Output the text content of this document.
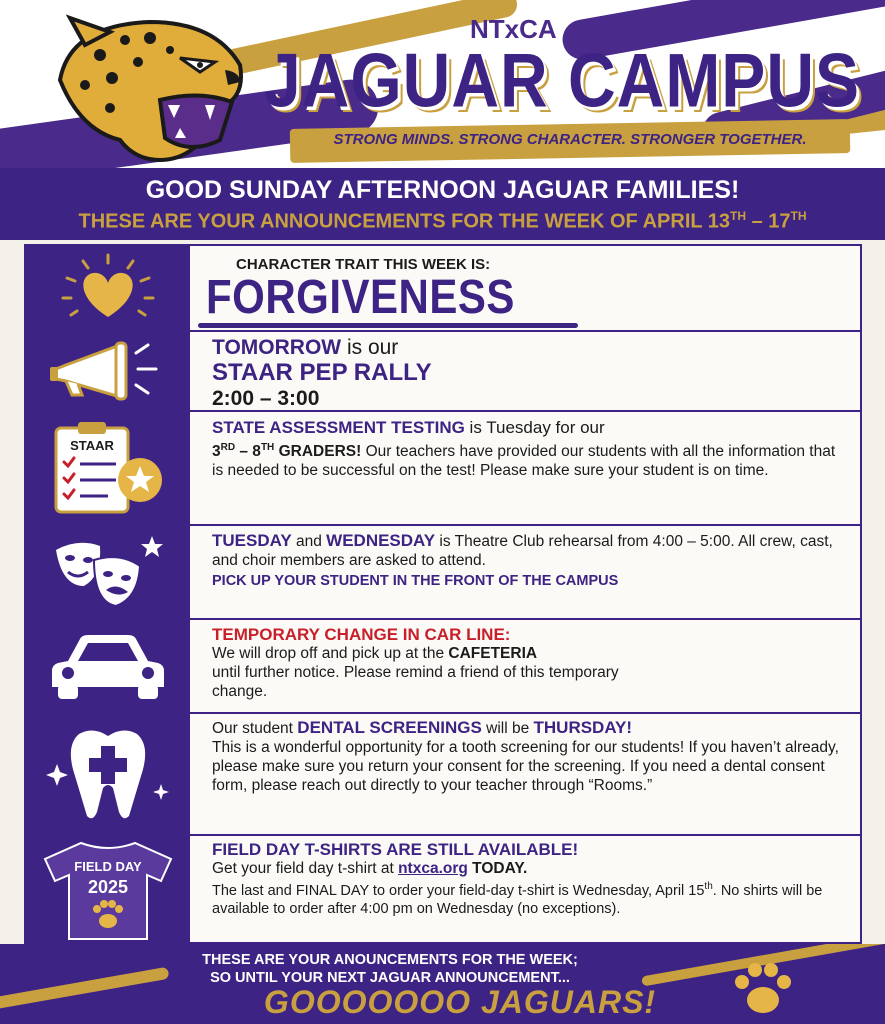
NTxCA
JAGUAR CAMPUS
STRONG MINDS. STRONG CHARACTER. STRONGER TOGETHER.
GOOD SUNDAY AFTERNOON JAGUAR FAMILIES!
THESE ARE YOUR ANNOUNCEMENTS FOR THE WEEK OF APRIL 13TH – 17TH
CHARACTER TRAIT THIS WEEK IS:
FORGIVENESS
TOMORROW is our
STAAR PEP RALLY
2:00 – 3:00
STAAR
STATE ASSESSMENT TESTING is Tuesday for our
3RD – 8TH GRADERS! Our teachers have provided our students with all the information that is needed to be successful on the test! Please make sure your student is on time.
TUESDAY and WEDNESDAY is Theatre Club rehearsal from 4:00 – 5:00. All crew, cast, and choir members are asked to attend.
PICK UP YOUR STUDENT IN THE FRONT OF THE CAMPUS
TEMPORARY CHANGE IN CAR LINE:
We will drop off and pick up at the CAFETERIA
until further notice. Please remind a friend of this temporary change.
Our student DENTAL SCREENINGS will be THURSDAY!
This is a wonderful opportunity for a tooth screening for our students! If you haven’t already, please make sure you return your consent for the screening. If you need a dental consent form, please reach out directly to your teacher through “Rooms.”
FIELD DAY
2025
FIELD DAY T-SHIRTS ARE STILL AVAILABLE!
Get your field day t-shirt at ntxca.org TODAY.
The last and FINAL DAY to order your field-day t-shirt is Wednesday, April 15th. No shirts will be available to order after 4:00 pm on Wednesday (no exceptions).
THESE ARE YOUR ANOUNCEMENTS FOR THE WEEK;
SO UNTIL YOUR NEXT JAGUAR ANNOUNCEMENT...
GOOOOOOO JAGUARS!
